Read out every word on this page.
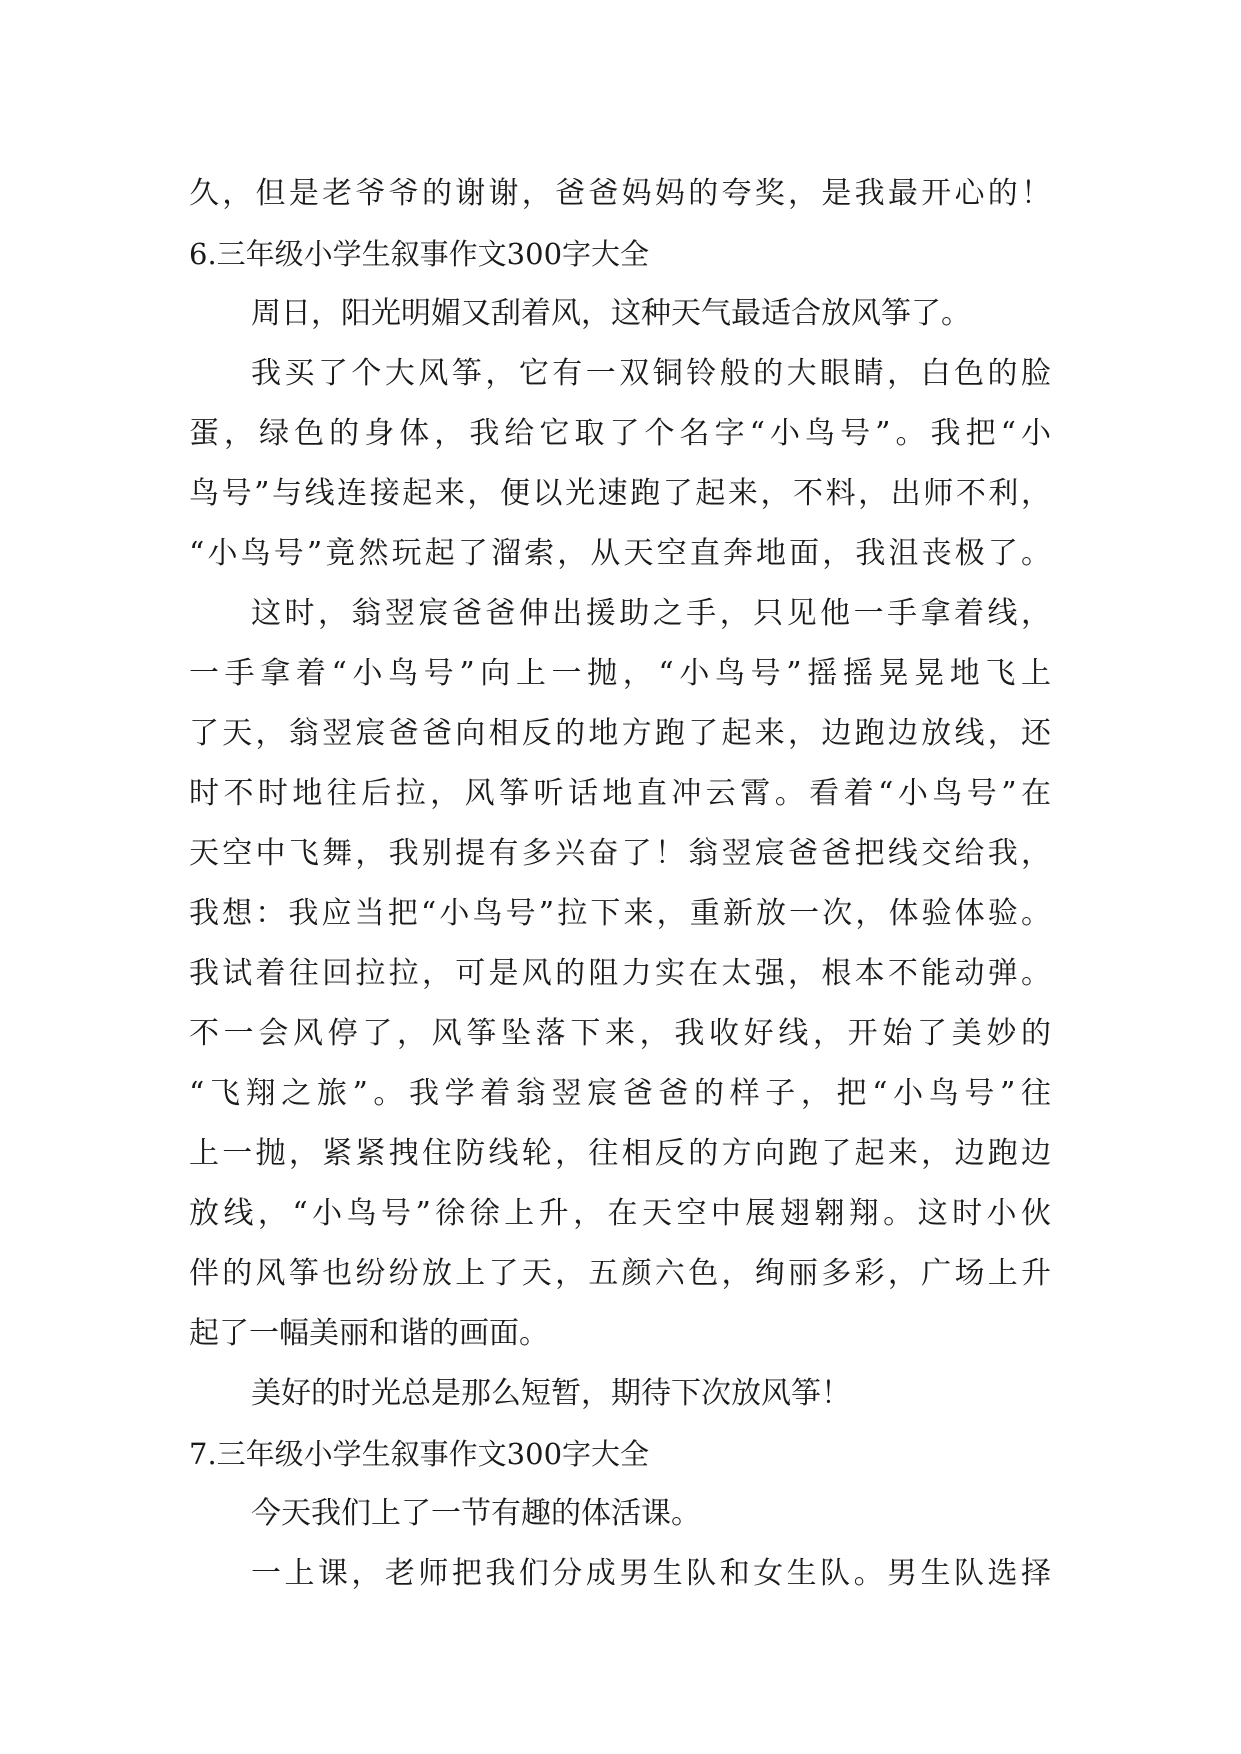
久，但是老爷爷的谢谢，爸爸妈妈的夸奖，是我最开心的！
6.三年级小学生叙事作文300字大全
周日，阳光明媚又刮着风，这种天气最适合放风筝了。
我买了个大风筝，它有一双铜铃般的大眼睛，白色的脸
蛋，绿色的身体，我给它取了个名字“小鸟号”。我把“小
鸟号”与线连接起来，便以光速跑了起来，不料，出师不利，
“小鸟号”竟然玩起了溜索，从天空直奔地面，我沮丧极了。
这时，翁翌宸爸爸伸出援助之手，只见他一手拿着线，
一手拿着“小鸟号”向上一抛，“小鸟号”摇摇晃晃地飞上
了天，翁翌宸爸爸向相反的地方跑了起来，边跑边放线，还
时不时地往后拉，风筝听话地直冲云霄。看着“小鸟号”在
天空中飞舞，我别提有多兴奋了！翁翌宸爸爸把线交给我，
我想：我应当把“小鸟号”拉下来，重新放一次，体验体验。
我试着往回拉拉，可是风的阻力实在太强，根本不能动弹。
不一会风停了，风筝坠落下来，我收好线，开始了美妙的
“飞翔之旅”。我学着翁翌宸爸爸的样子，把“小鸟号”往
上一抛，紧紧拽住防线轮，往相反的方向跑了起来，边跑边
放线，“小鸟号”徐徐上升，在天空中展翅翱翔。这时小伙
伴的风筝也纷纷放上了天，五颜六色，绚丽多彩，广场上升
起了一幅美丽和谐的画面。
美好的时光总是那么短暂，期待下次放风筝！
7.三年级小学生叙事作文300字大全
今天我们上了一节有趣的体活课。
一上课，老师把我们分成男生队和女生队。男生队选择
